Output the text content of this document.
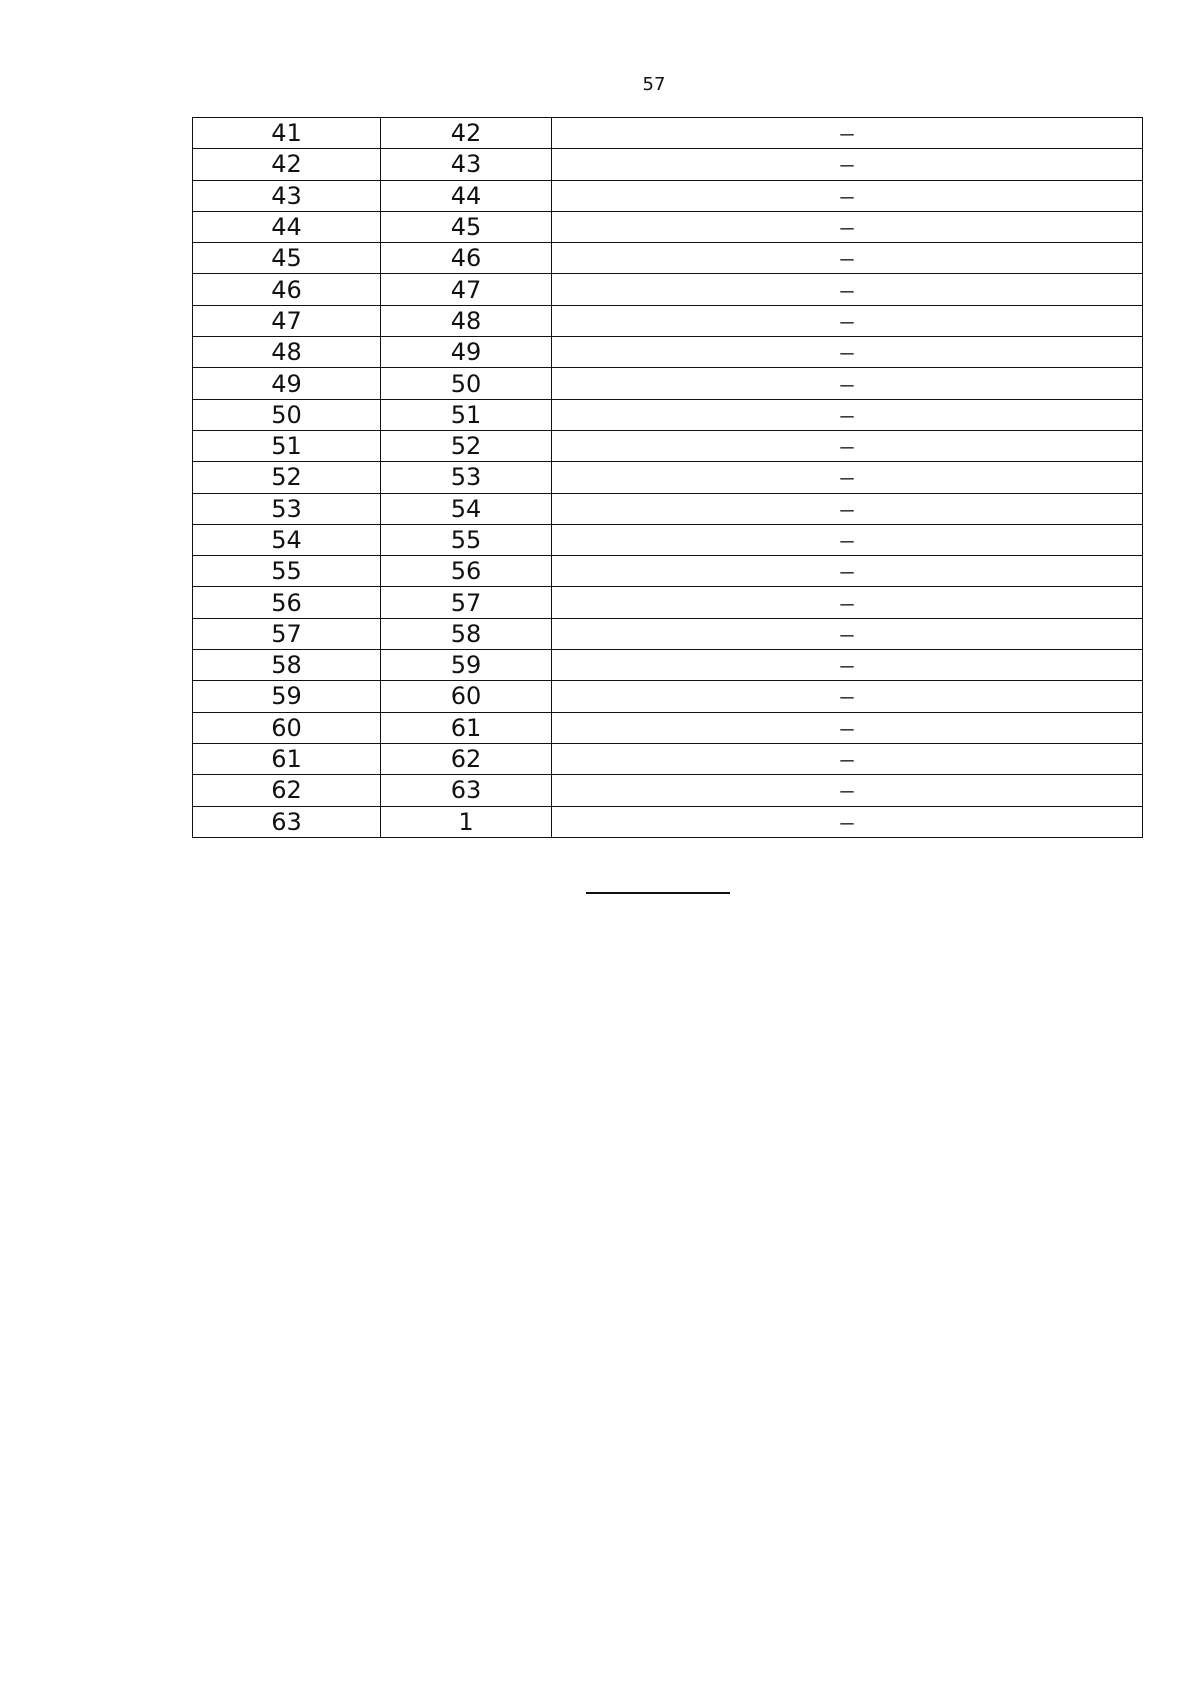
57
41	42	–
42	43	–
43	44	–
44	45	–
45	46	–
46	47	–
47	48	–
48	49	–
49	50	–
50	51	–
51	52	–
52	53	–
53	54	–
54	55	–
55	56	–
56	57	–
57	58	–
58	59	–
59	60	–
60	61	–
61	62	–
62	63	–
63	1	–
